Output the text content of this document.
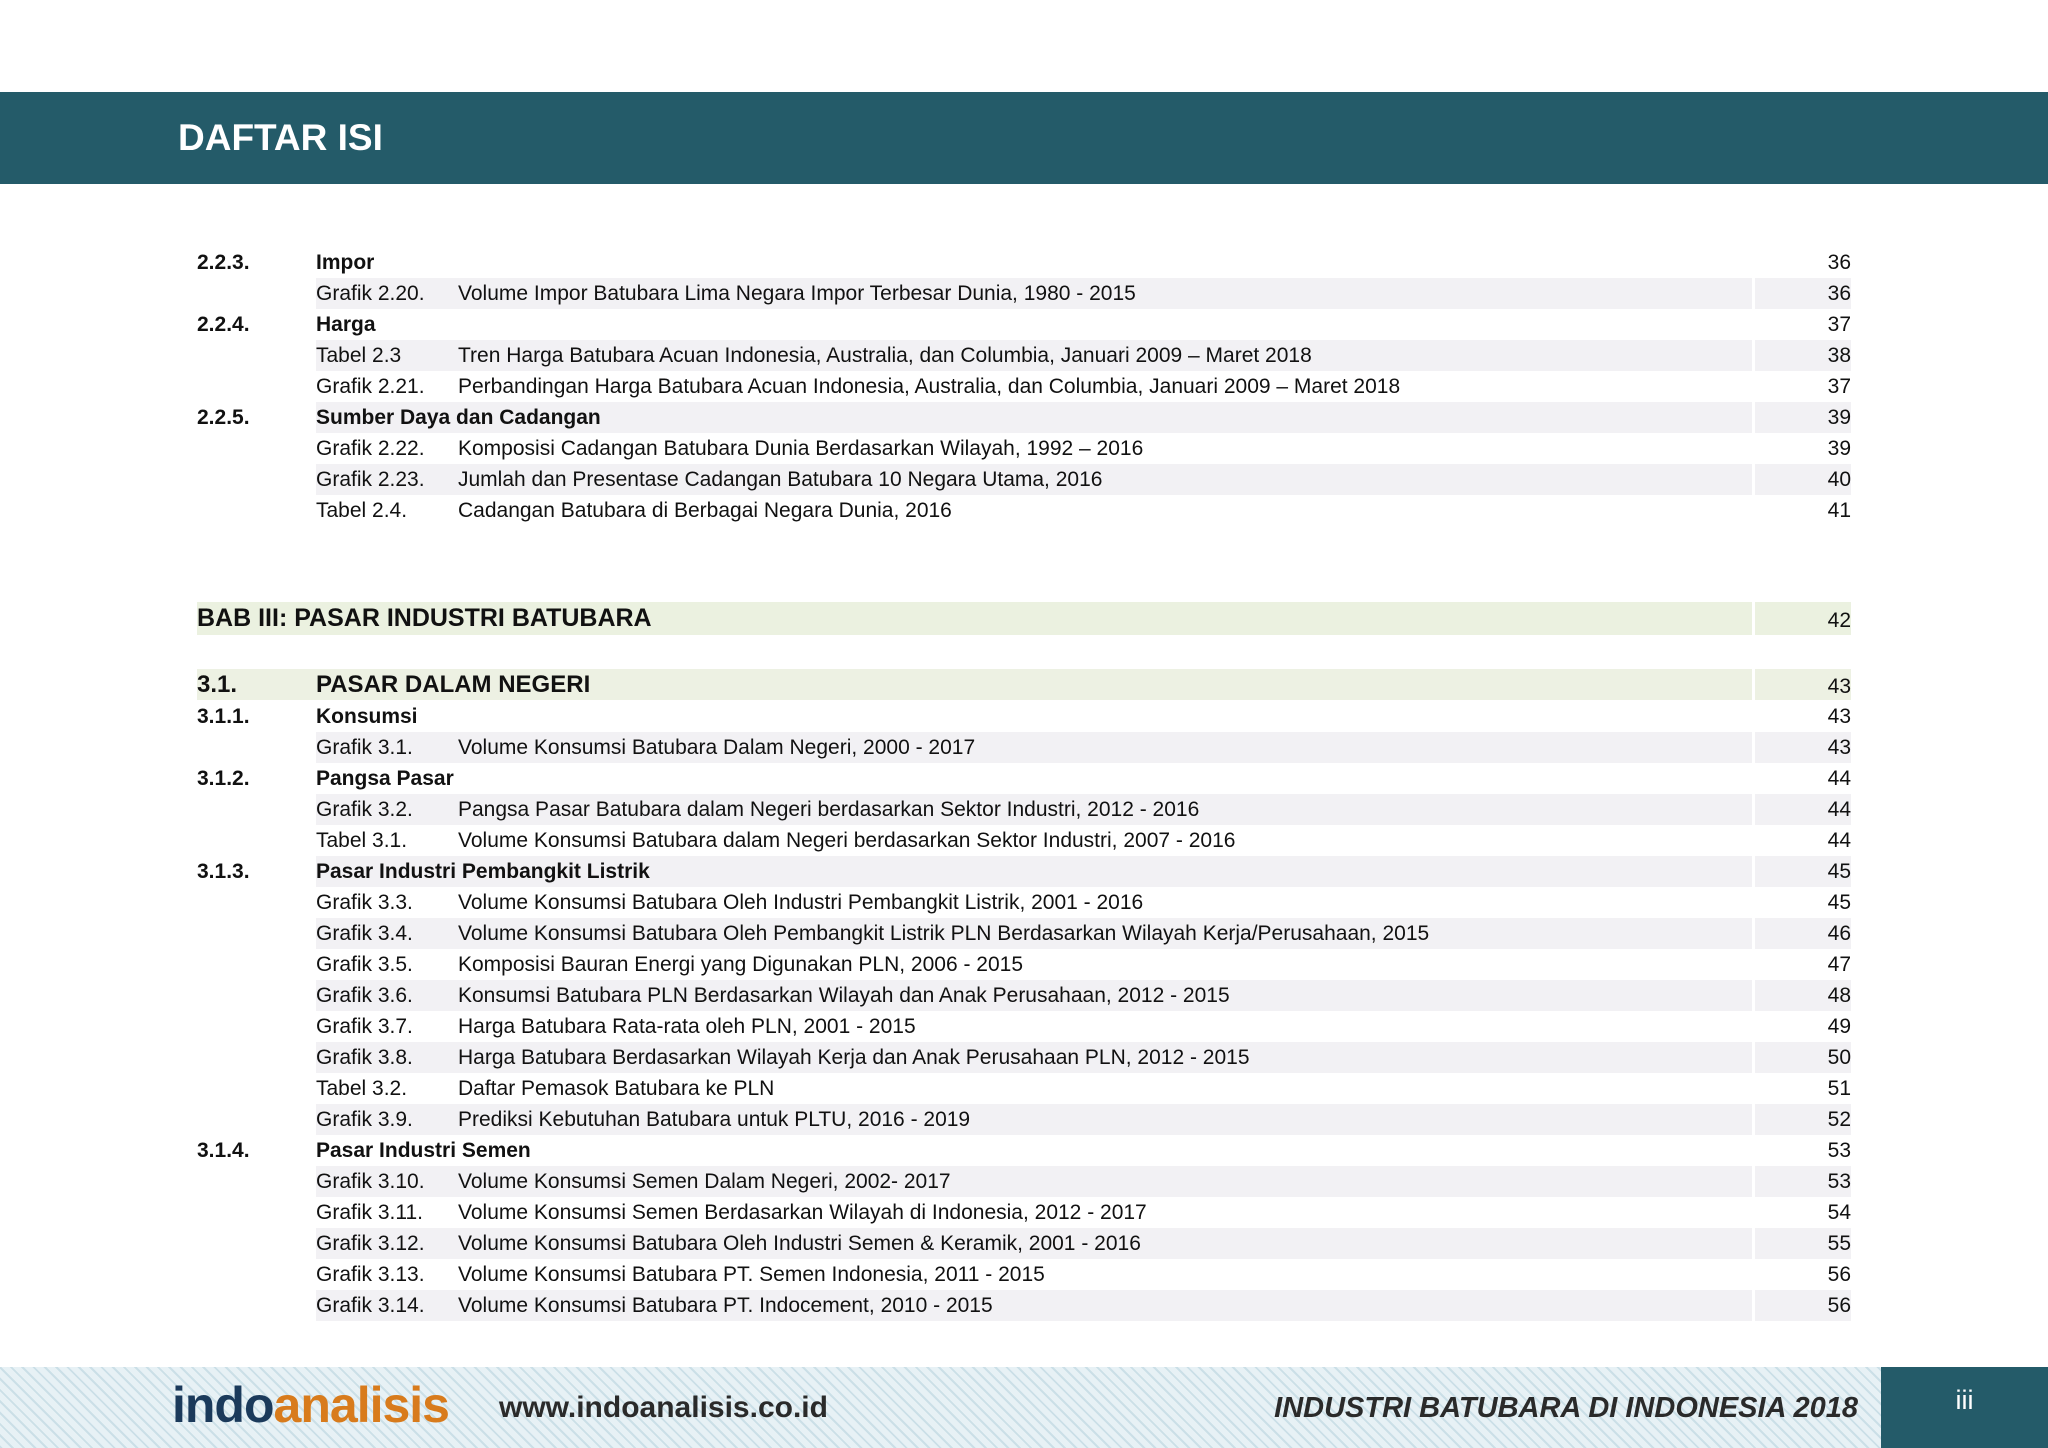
DAFTAR ISI
2.2.3.	Impor	36
Grafik 2.20. Volume Impor Batubara Lima Negara Impor Terbesar Dunia, 1980 - 2015	36
2.2.4.	Harga	37
Tabel 2.3	Tren Harga Batubara Acuan Indonesia, Australia, dan Columbia, Januari 2009 – Maret 2018	38
Grafik 2.21. Perbandingan Harga Batubara Acuan Indonesia, Australia, dan Columbia, Januari 2009 – Maret 2018	37
2.2.5.	Sumber Daya dan Cadangan	39
Grafik 2.22. Komposisi Cadangan Batubara Dunia Berdasarkan Wilayah, 1992 – 2016	39
Grafik 2.23. Jumlah dan Presentase Cadangan Batubara 10 Negara Utama, 2016	40
Tabel 2.4. Cadangan Batubara di Berbagai Negara Dunia, 2016	41
BAB III: PASAR INDUSTRI BATUBARA	42
3.1.	PASAR DALAM NEGERI	43
3.1.1.	Konsumsi	43
Grafik 3.1. Volume Konsumsi Batubara Dalam Negeri, 2000 - 2017	43
3.1.2.	Pangsa Pasar	44
Grafik 3.2. Pangsa Pasar Batubara dalam Negeri berdasarkan Sektor Industri, 2012 - 2016	44
Tabel 3.1. Volume Konsumsi Batubara dalam Negeri berdasarkan Sektor Industri, 2007 - 2016	44
3.1.3.	Pasar Industri Pembangkit Listrik	45
Grafik 3.3. Volume Konsumsi Batubara Oleh Industri Pembangkit Listrik, 2001 - 2016	45
Grafik 3.4. Volume Konsumsi Batubara Oleh Pembangkit Listrik PLN Berdasarkan Wilayah Kerja/Perusahaan, 2015	46
Grafik 3.5. Komposisi Bauran Energi yang Digunakan PLN, 2006 - 2015	47
Grafik 3.6. Konsumsi Batubara PLN Berdasarkan Wilayah dan Anak Perusahaan, 2012 - 2015	48
Grafik 3.7. Harga Batubara Rata-rata oleh PLN, 2001 - 2015	49
Grafik 3.8. Harga Batubara Berdasarkan Wilayah Kerja dan Anak Perusahaan PLN, 2012 - 2015	50
Tabel 3.2. Daftar Pemasok Batubara ke PLN	51
Grafik 3.9. Prediksi Kebutuhan Batubara untuk PLTU, 2016 - 2019	52
3.1.4.	Pasar Industri Semen	53
Grafik 3.10. Volume Konsumsi Semen Dalam Negeri, 2002- 2017	53
Grafik 3.11. Volume Konsumsi Semen Berdasarkan Wilayah di Indonesia, 2012 - 2017	54
Grafik 3.12. Volume Konsumsi Batubara Oleh Industri Semen & Keramik, 2001 - 2016	55
Grafik 3.13. Volume Konsumsi Batubara PT. Semen Indonesia, 2011 - 2015	56
Grafik 3.14. Volume Konsumsi Batubara PT. Indocement, 2010 - 2015	56
indoanalisis www.indoanalisis.co.id	INDUSTRI BATUBARA DI INDONESIA 2018	iii
